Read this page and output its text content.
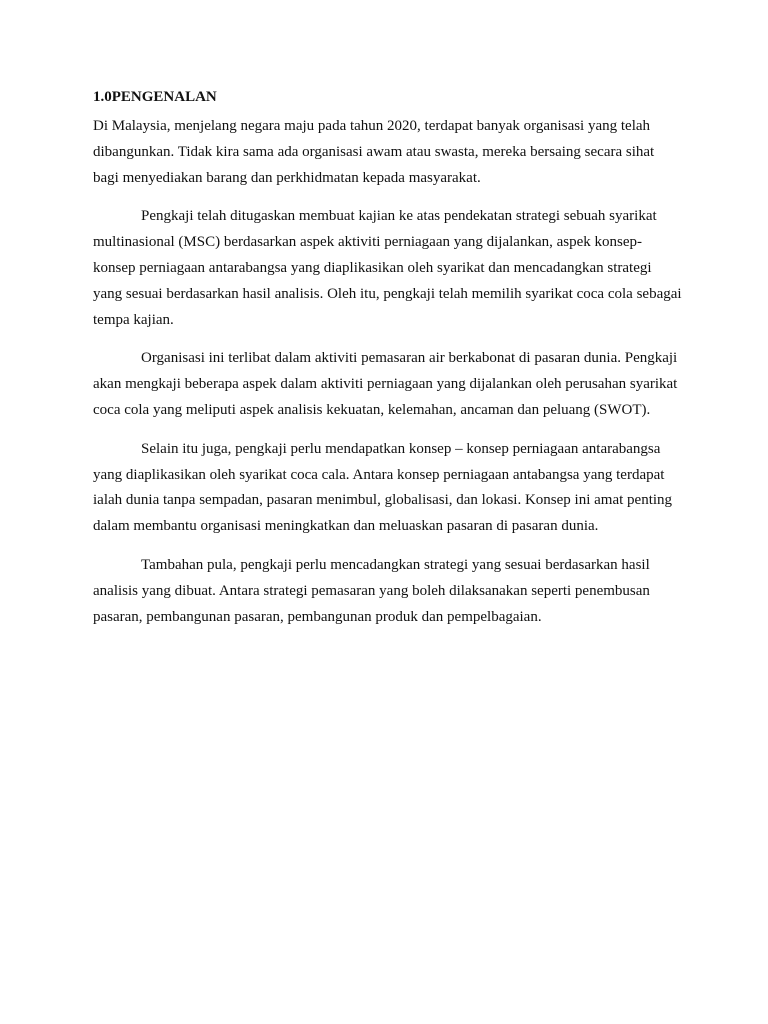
1.0PENGENALAN

Di Malaysia, menjelang negara maju pada tahun 2020, terdapat banyak organisasi yang telah dibangunkan. Tidak kira sama ada organisasi awam atau swasta, mereka bersaing secara sihat bagi menyediakan barang dan perkhidmatan kepada masyarakat.

Pengkaji telah ditugaskan membuat kajian ke atas pendekatan strategi sebuah syarikat multinasional (MSC) berdasarkan aspek aktiviti perniagaan yang dijalankan, aspek konsep-konsep perniagaan antarabangsa yang diaplikasikan oleh syarikat dan mencadangkan strategi yang sesuai berdasarkan hasil analisis. Oleh itu, pengkaji telah memilih syarikat coca cola sebagai tempa kajian.

Organisasi ini terlibat dalam aktiviti pemasaran air berkabonat di pasaran dunia. Pengkaji akan mengkaji beberapa aspek dalam aktiviti perniagaan yang dijalankan oleh perusahan syarikat coca cola yang meliputi aspek analisis kekuatan, kelemahan, ancaman dan peluang (SWOT).

Selain itu juga, pengkaji perlu mendapatkan konsep – konsep perniagaan antarabangsa yang diaplikasikan oleh syarikat coca cala. Antara konsep perniagaan antabangsa yang terdapat ialah dunia tanpa sempadan, pasaran menimbul, globalisasi, dan lokasi. Konsep ini amat penting dalam membantu organisasi meningkatkan dan meluaskan pasaran di pasaran dunia.

Tambahan pula, pengkaji perlu mencadangkan strategi yang sesuai berdasarkan hasil analisis yang dibuat. Antara strategi pemasaran yang boleh dilaksanakan seperti penembusan pasaran, pembangunan pasaran, pembangunan produk dan pempelbagaian.
